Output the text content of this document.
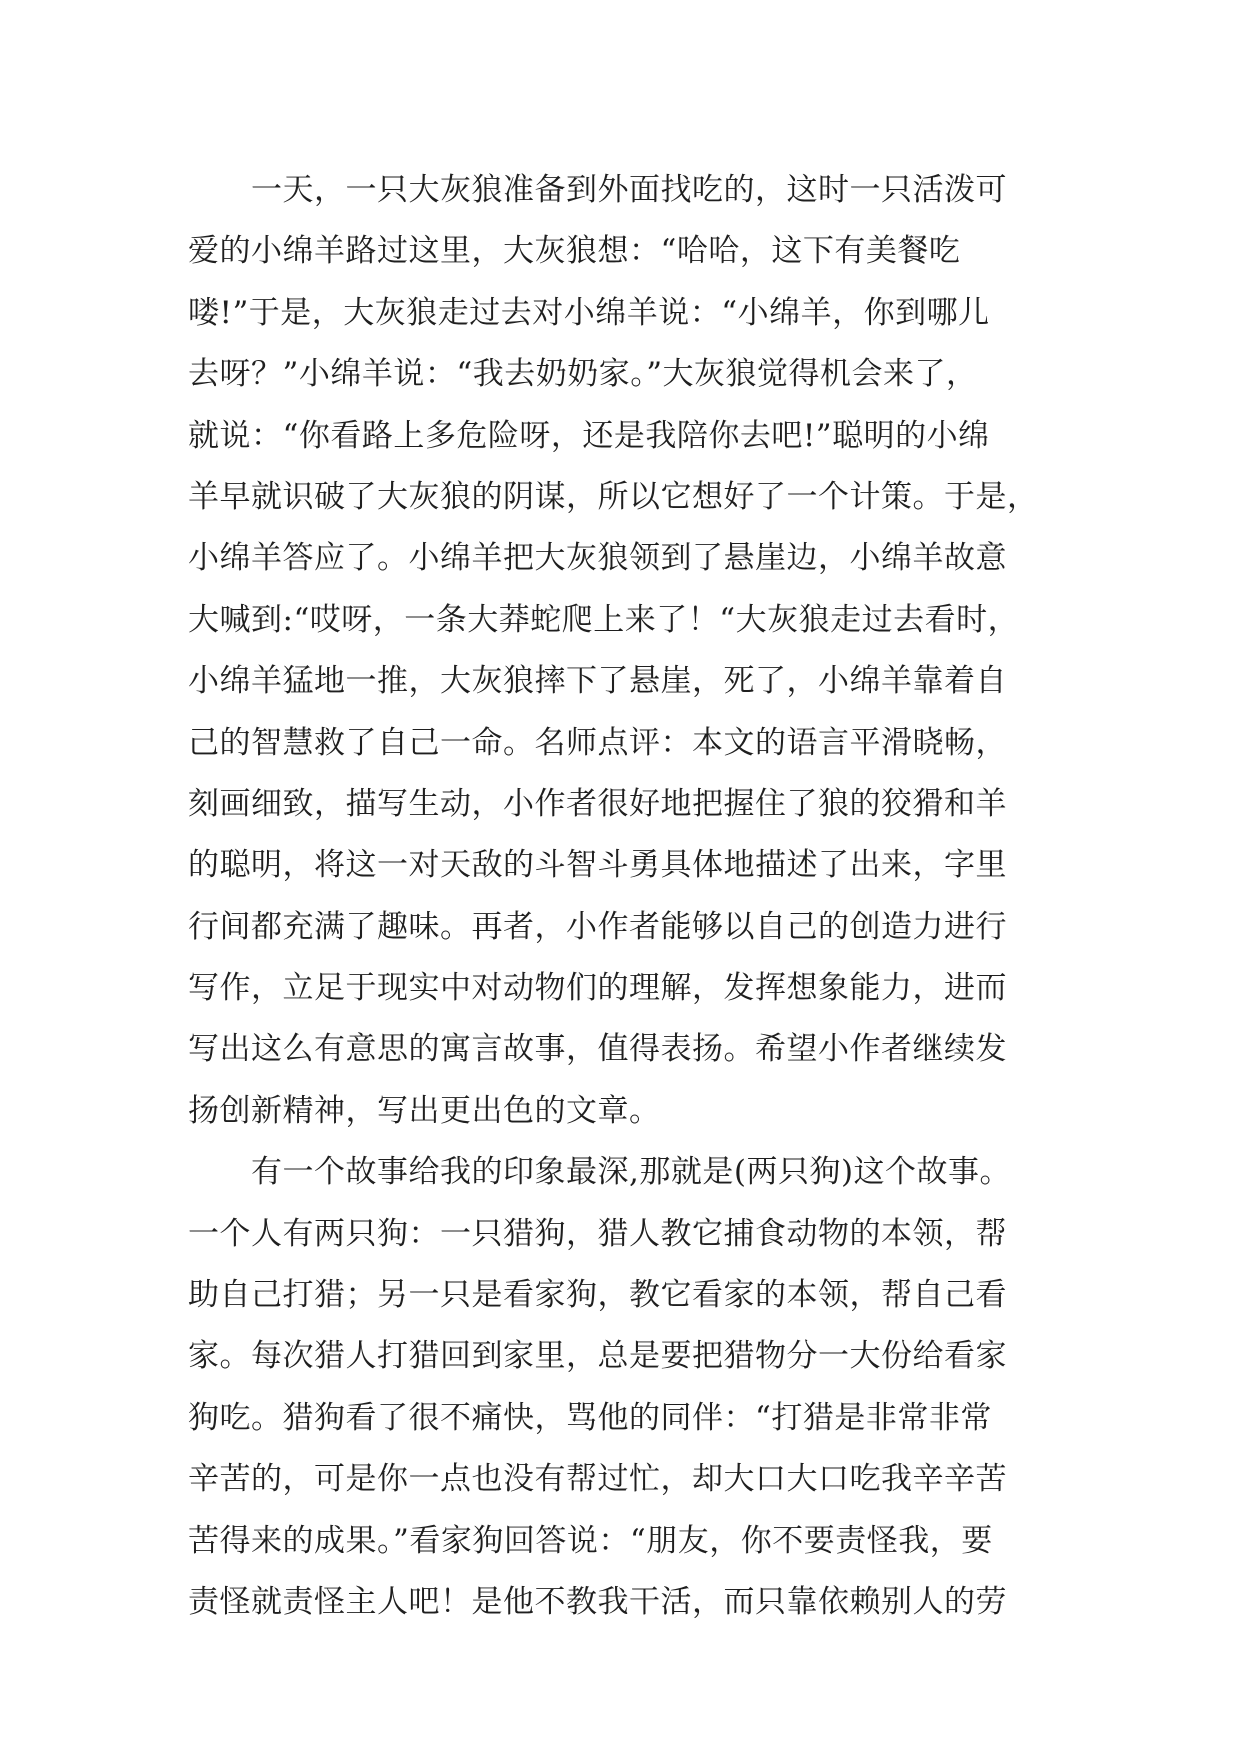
　　一天，一只大灰狼准备到外面找吃的，这时一只活泼可
爱的小绵羊路过这里，大灰狼想：“哈哈，这下有美餐吃
喽!”于是，大灰狼走过去对小绵羊说：“小绵羊，你到哪儿
去呀？”小绵羊说：“我去奶奶家。”大灰狼觉得机会来了，
就说：“你看路上多危险呀，还是我陪你去吧!”聪明的小绵
羊早就识破了大灰狼的阴谋，所以它想好了一个计策。于是，
小绵羊答应了。小绵羊把大灰狼领到了悬崖边，小绵羊故意
大喊到:“哎呀，一条大莽蛇爬上来了！“大灰狼走过去看时，
小绵羊猛地一推，大灰狼摔下了悬崖，死了，小绵羊靠着自
己的智慧救了自己一命。名师点评：本文的语言平滑晓畅，
刻画细致，描写生动，小作者很好地把握住了狼的狡猾和羊
的聪明，将这一对天敌的斗智斗勇具体地描述了出来，字里
行间都充满了趣味。再者，小作者能够以自己的创造力进行
写作，立足于现实中对动物们的理解，发挥想象能力，进而
写出这么有意思的寓言故事，值得表扬。希望小作者继续发
扬创新精神，写出更出色的文章。
　　有一个故事给我的印象最深,那就是(两只狗)这个故事。
一个人有两只狗：一只猎狗，猎人教它捕食动物的本领，帮
助自己打猎；另一只是看家狗，教它看家的本领，帮自己看
家。每次猎人打猎回到家里，总是要把猎物分一大份给看家
狗吃。猎狗看了很不痛快，骂他的同伴：“打猎是非常非常
辛苦的，可是你一点也没有帮过忙，却大口大口吃我辛辛苦
苦得来的成果。”看家狗回答说：“朋友，你不要责怪我，要
责怪就责怪主人吧！是他不教我干活，而只靠依赖别人的劳
